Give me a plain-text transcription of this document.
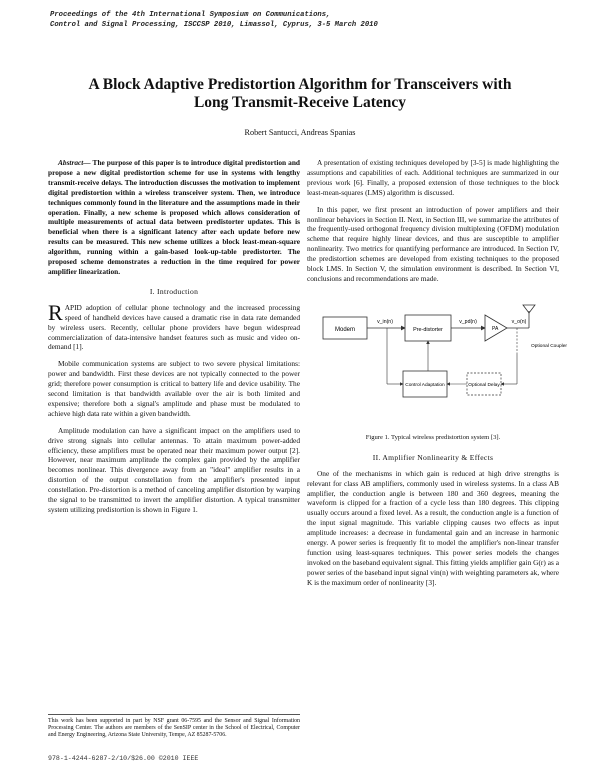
Proceedings of the 4th International Symposium on Communications,
Control and Signal Processing, ISCCSP 2010, Limassol, Cyprus, 3-5 March 2010
A Block Adaptive Predistortion Algorithm for Transceivers with
Long Transmit-Receive Latency
Robert Santucci, Andreas Spanias

Abstract— The purpose of this paper is to introduce digital predistortion and propose a new digital predistortion scheme for use in systems with lengthy transmit-receive delays. The introduction discusses the motivation to implement digital predistortion within a wireless transceiver system. Then, we introduce techniques commonly found in the literature and the assumptions made in their operation. Finally, a new scheme is proposed which allows consideration of multiple measurements of actual data between predistorter updates. This is beneficial when there is a significant latency after each update before new results can be measured. This new scheme utilizes a block least-mean-square algorithm, running within a gain-based look-up-table predistorter. The proposed scheme demonstrates a reduction in the time required for power amplifier linearization.

I. Introduction

RAPID adoption of cellular phone technology and the increased processing speed of handheld devices have caused a dramatic rise in data rate demanded by wireless users. Recently, cellular phone providers have begun widespread commercialization of data-intensive handset features such as music and video on-demand [1].

Mobile communication systems are subject to two severe physical limitations: power and bandwidth. First these devices are not typically connected to the power grid; therefore power consumption is critical to battery life and device usability. The second limitation is that bandwidth available over the air is both limited and expensive; therefore both a signal's amplitude and phase must be modulated to achieve high data rate within a given bandwidth.

Amplitude modulation can have a significant impact on the amplifiers used to drive strong signals into cellular antennas. To attain maximum power-added efficiency, these amplifiers must be operated near their maximum power output [2]. However, near maximum amplitude the complex gain provided by the amplifier becomes nonlinear. This divergence away from an "ideal" amplifier results in a distortion of the output constellation from the amplifier's presented input constellation. Pre-distortion is a method of canceling amplifier distortion by warping the signal to be transmitted to invert the amplifier distortion. A typical transmitter system utilizing predistortion is shown in Figure 1.

A presentation of existing techniques developed by [3-5] is made highlighting the assumptions and capabilities of each. Additional techniques are summarized in our previous work [6]. Finally, a proposed extension of those techniques to the block least-mean-squares (LMS) algorithm is discussed.

In this paper, we first present an introduction of power amplifiers and their nonlinear behaviors in Section II. Next, in Section III, we summarize the attributes of the frequently-used orthogonal frequency division multiplexing (OFDM) modulation scheme that require highly linear devices, and thus are susceptible to amplifier nonlinearity. Two metrics for quantifying performance are introduced. In Section IV, the predistortion schemes are developed from existing techniques to the proposed block LMS. In Section V, the simulation environment is described. In Section VI, conclusions and recommendations are made.

Modem
v_in(n)
Pre-distorter
v_pd(n)
PA
v_o(n)
Optional Coupler
Optional Delay
Control Adaptation
Figure 1. Typical wireless predistortion system [3].
II. Amplifier Nonlinearity & Effects

One of the mechanisms in which gain is reduced at high drive strengths is relevant for class AB amplifiers, commonly used in wireless systems. In a class AB amplifier, the conduction angle is between 180 and 360 degrees, meaning the waveform is clipped for a fraction of a cycle less than 180 degrees. This clipping usually occurs around a fixed level. As a result, the conduction angle is a function of the input signal magnitude. This variable clipping causes two effects as input amplitude increases: a decrease in fundamental gain and an increase in harmonic energy. A power series is frequently fit to model the amplifier's non-linear transfer function using least-squares techniques. This power series models the changes invoked on the baseband equivalent signal. This fitting yields amplifier gain G(r) as a power series of the baseband input signal vin(n) with weighting parameters ak, where K is the maximum order of nonlinearity [3].

This work has been supported in part by NSF grant 06-7595 and the Sensor and Signal Information Processing Center. The authors are members of the SenSIP center in the School of Electrical, Computer and Energy Engineering, Arizona State University, Tempe, AZ 85287-5706.
978-1-4244-6287-2/10/$26.00 ©2010 IEEE
